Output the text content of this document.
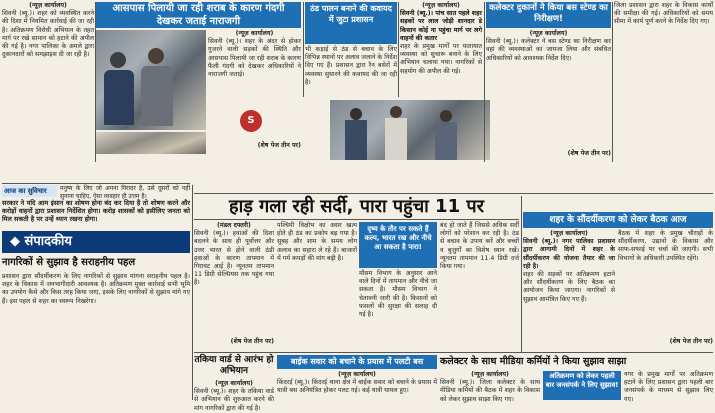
(न्यूज़ कार्यालय)
सिवनी (ब्यू.)। शहर को व्यवस्थित करने की दिशा में नियमित कार्रवाई की जा रही है। अतिक्रमण विरोधी अभियान के तहत मार्ग पर रखे सामान को हटाने की अपील की गई है। नगर पालिका के अमले द्वारा दुकानदारों को समझाइश दी जा रही है।
आसपास पिलायी जा रही शराब के कारण गंदगी देखकर जताई नाराजगी
(न्यूज़ कार्यालय)
सिवनी (ब्यू.)। शहर के अंदर से होकर गुजरने वाली सड़कों की स्थिति और आसपास पिलायी जा रही शराब के कारण फैली गंदगी को देखकर अधिकारियों ने नाराजगी जताई।
(शेष पेज तीन पर)
ठंड पालन बनाने की कवायद में जुटा प्रशासन
भी कड़ाई से ठंड से बचाव के लिए विभिन्न स्थानों पर अलाव जलाने के निर्देश दिए गए हैं। प्रशासन द्वारा रैन बसेरों में व्यवस्था सुधारने की कवायद की जा रही है।
S
(न्यूज़ कार्यालय)
सिवनी (ब्यू.)। पांच सात पहले शहर सड़कों पर लाल जोड़ी शानदार डे किसान कोई ना पहुंचा मार्ग पर लगे वाहनों की कतार
शहर के प्रमुख मार्गों पर यातायात व्यवस्था को सुचारू बनाने के लिए अभियान चलाया गया। नागरिकों से सहयोग की अपील की गई।
कलेक्टर दुकानों ने किया बस स्टेण्ड का निरीक्षण!
(न्यूज़ कार्यालय)
सिवनी (ब्यू.)। कलेक्टर ने बस स्टेण्ड का निरीक्षण कर वहां की व्यवस्थाओं का जायजा लिया और संबंधित अधिकारियों को आवश्यक निर्देश दिए।
(शेष पेज तीन पर)
जिला प्रशासन द्वारा शहर के विकास कार्यों की समीक्षा की गई। अधिकारियों को समय सीमा में कार्य पूर्ण करने के निर्देश दिए गए।
आज का सुविचार	मनुष्य के लिए जो अपना निरादर है, उसे दूसरों को नहीं सुनाना चाहिए, ऐसा व्यवहार ही उत्तम है।
सरकार ने यदि आम इंसान का शोषण होना बंद कर दिया है तो शोषण करने और करोड़ों वाहनों द्वारा प्रशासन निर्देशित होगा। करोड़ शासकों को इसीलिए जनता को मिल सकती है पर उन्हें ध्यान रखना होगा।
◆ संपादकीय
नागरिकों से सुझाव है सराहनीय पहल
प्रशासन द्वारा सौंदर्यीकरण के लिए नागरिकों से सुझाव मांगना सराहनीय पहल है। शहर के विकास में जनभागीदारी आवश्यक है। अतिक्रमण मुक्त कार्रवाई सभी भूमि का उपयोग कैसे और किस तरह किया जाए, इसके लिए नागरिकों से सुझाव मांगे गए हैं। इस पहल से शहर का स्वरूप निखरेगा।
हाड़ गला रही सर्दी, पारा पहुंचा 11 पर
(मंडल दफ्तरी)
सिवनी (ब्यू.)। हवाओं की दिशा बदलने के साथ ही पूर्वोत्तर और उत्तर भारत से होने वाली ठंडी हवाओं के कारण तापमान में गिरावट आई है। न्यूनतम तापमान 11 डिग्री सेल्सियस तक पहुंच गया है।
(शेष पेज तीन पर)
पश्चिमी विक्षोभ का असर खत्म होते ही ठंड का प्रकोप बढ़ गया है। सुबह और शाम के समय लोग अलाव का सहारा ले रहे हैं। बाजारों में गर्म कपड़ों की मांग बढ़ी है।
दृष्य के तौर पर सकते हैं कल्प, भारत रख और नीचे आ सकता है पारा!
मौसम विभाग के अनुसार आने वाले दिनों में तापमान और नीचे जा सकता है। मौसम विभाग ने चेतावनी जारी की है। किसानों को फसलों की सुरक्षा की सलाह दी गई है।
बंद हो जाते हैं जिससे अधिक सर्दी लोगों को परेशान कर रही है। ठंड से बचाव के उपाय करें और बच्चों व बुजुर्गों का विशेष ध्यान रखें। न्यूनतम तापमान 11.4 डिग्री दर्ज किया गया।
शहर के सौंदर्यीकरण को लेकर बैठक आज
(न्यूज़ कार्यालय)
सिवनी (ब्यू.)। नगर पालिका प्रशासन द्वारा आगामी दिनों में शहर के सौंदर्यीकरण की योजना तैयार की जा रही है।
शहर की सड़कों पर अतिक्रमण हटाने और सौंदर्यीकरण के लिए बैठक का आयोजन किया जाएगा। नागरिकों से सुझाव आमंत्रित किए गए हैं।
बैठक में शहर के प्रमुख चौराहों के सौंदर्यीकरण, उद्यानों के विकास और साफ-सफाई पर चर्चा की जाएगी। सभी विभागों के अधिकारी उपस्थित रहेंगे।
(शेष पेज तीन पर)
तकिया वार्ड से आरंभ हो अभियान
(न्यूज़ कार्यालय)
सिवनी (ब्यू.)। शहर के तकिया वार्ड से अभियान की शुरुआत करने की मांग नागरिकों द्वारा की गई है।
बाईक सवार को बचाने के प्रयास में पलटी बस
(न्यूज़ कार्यालय)
किंदरई (ब्यू.)। किंदरई थाना क्षेत्र में बाईक सवार को बचाने के प्रयास में यात्री बस अनियंत्रित होकर पलट गई। कई यात्री घायल हुए।
कलेक्टर के साथ मीडिया कर्मियों ने किया सुझाव साझा
(न्यूज़ कार्यालय)
सिवनी (ब्यू.)। जिला कलेक्टर के साथ मीडिया कर्मियों की बैठक में शहर के विकास को लेकर सुझाव साझा किए गए।
अतिक्रमण को लेकर पहली बार जनसंपर्क ने लिए सुझाव!
नगर के प्रमुख मार्गों पर अतिक्रमण हटाने के लिए प्रशासन द्वारा पहली बार जनसंपर्क के माध्यम से सुझाव लिए गए।
